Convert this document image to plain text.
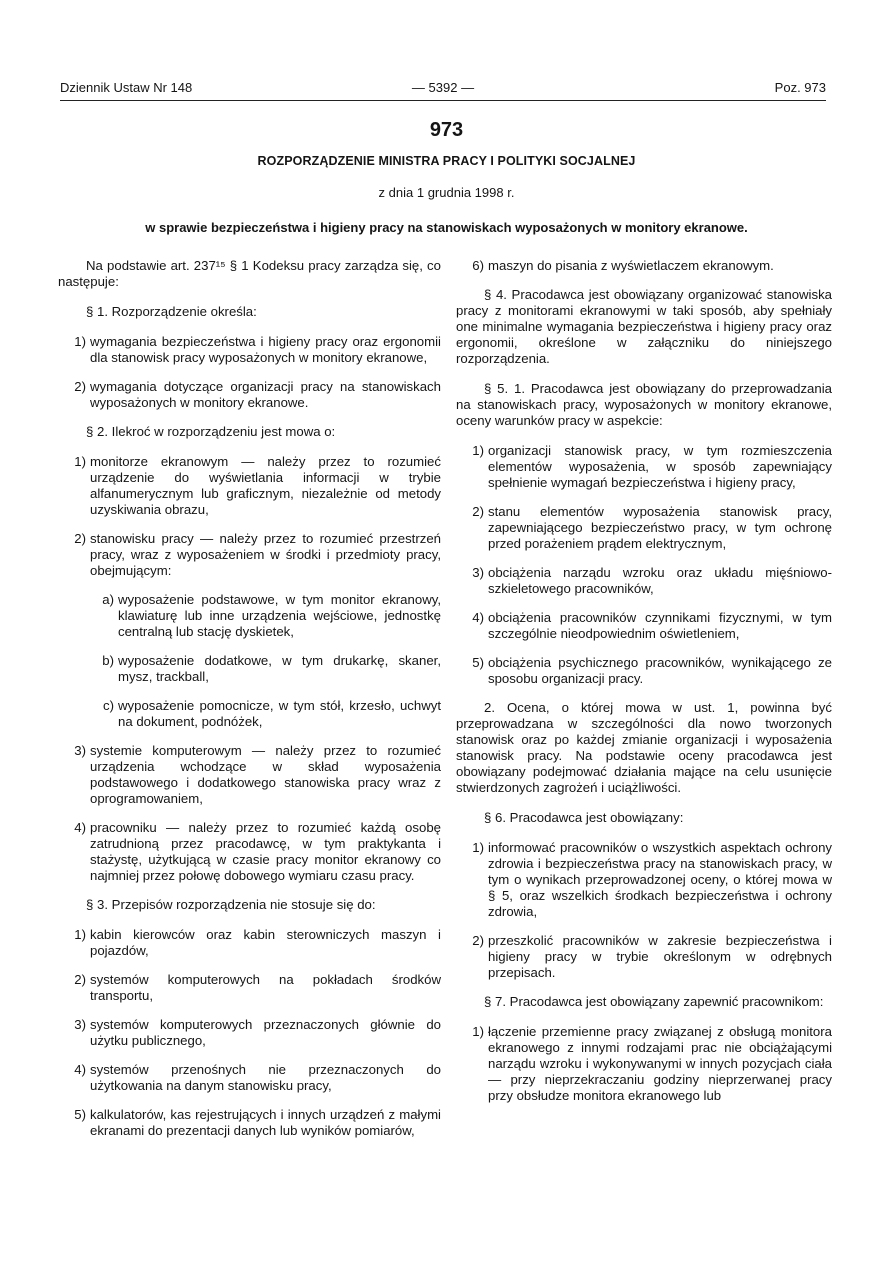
Dziennik Ustaw Nr 148	— 5392 —	Poz. 973
973
ROZPORZĄDZENIE MINISTRA PRACY I POLITYKI SOCJALNEJ
z dnia 1 grudnia 1998 r.
w sprawie bezpieczeństwa i higieny pracy na stanowiskach wyposażonych w monitory ekranowe.

Na podstawie art. 237¹⁵ § 1 Kodeksu pracy zarządza się, co następuje:

§ 1. Rozporządzenie określa:

1) wymagania bezpieczeństwa i higieny pracy oraz ergonomii dla stanowisk pracy wyposażonych w monitory ekranowe,
2) wymagania dotyczące organizacji pracy na stanowiskach wyposażonych w monitory ekranowe.

§ 2. Ilekroć w rozporządzeniu jest mowa o:

1) monitorze ekranowym — należy przez to rozumieć urządzenie do wyświetlania informacji w trybie alfanumerycznym lub graficznym, niezależnie od metody uzyskiwania obrazu,
2) stanowisku pracy — należy przez to rozumieć przestrzeń pracy, wraz z wyposażeniem w środki i przedmioty pracy, obejmującym:
a) wyposażenie podstawowe, w tym monitor ekranowy, klawiaturę lub inne urządzenia wejściowe, jednostkę centralną lub stację dyskietek,
b) wyposażenie dodatkowe, w tym drukarkę, skaner, mysz, trackball,
c) wyposażenie pomocnicze, w tym stół, krzesło, uchwyt na dokument, podnóżek,
3) systemie komputerowym — należy przez to rozumieć urządzenia wchodzące w skład wyposażenia podstawowego i dodatkowego stanowiska pracy wraz z oprogramowaniem,
4) pracowniku — należy przez to rozumieć każdą osobę zatrudnioną przez pracodawcę, w tym praktykanta i stażystę, użytkującą w czasie pracy monitor ekranowy co najmniej przez połowę dobowego wymiaru czasu pracy.

§ 3. Przepisów rozporządzenia nie stosuje się do:

1) kabin kierowców oraz kabin sterowniczych maszyn i pojazdów,
2) systemów komputerowych na pokładach środków transportu,
3) systemów komputerowych przeznaczonych głównie do użytku publicznego,
4) systemów przenośnych nie przeznaczonych do użytkowania na danym stanowisku pracy,
5) kalkulatorów, kas rejestrujących i innych urządzeń z małymi ekranami do prezentacji danych lub wyników pomiarów,
6) maszyn do pisania z wyświetlaczem ekranowym.

§ 4. Pracodawca jest obowiązany organizować stanowiska pracy z monitorami ekranowymi w taki sposób, aby spełniały one minimalne wymagania bezpieczeństwa i higieny pracy oraz ergonomii, określone w załączniku do niniejszego rozporządzenia.

§ 5. 1. Pracodawca jest obowiązany do przeprowadzania na stanowiskach pracy, wyposażonych w monitory ekranowe, oceny warunków pracy w aspekcie:

1) organizacji stanowisk pracy, w tym rozmieszczenia elementów wyposażenia, w sposób zapewniający spełnienie wymagań bezpieczeństwa i higieny pracy,
2) stanu elementów wyposażenia stanowisk pracy, zapewniającego bezpieczeństwo pracy, w tym ochronę przed porażeniem prądem elektrycznym,
3) obciążenia narządu wzroku oraz układu mięśniowo-szkieletowego pracowników,
4) obciążenia pracowników czynnikami fizycznymi, w tym szczególnie nieodpowiednim oświetleniem,
5) obciążenia psychicznego pracowników, wynikającego ze sposobu organizacji pracy.

2. Ocena, o której mowa w ust. 1, powinna być przeprowadzana w szczególności dla nowo tworzonych stanowisk oraz po każdej zmianie organizacji i wyposażenia stanowisk pracy. Na podstawie oceny pracodawca jest obowiązany podejmować działania mające na celu usunięcie stwierdzonych zagrożeń i uciążliwości.

§ 6. Pracodawca jest obowiązany:

1) informować pracowników o wszystkich aspektach ochrony zdrowia i bezpieczeństwa pracy na stanowiskach pracy, w tym o wynikach przeprowadzonej oceny, o której mowa w § 5, oraz wszelkich środkach bezpieczeństwa i ochrony zdrowia,
2) przeszkolić pracowników w zakresie bezpieczeństwa i higieny pracy w trybie określonym w odrębnych przepisach.

§ 7. Pracodawca jest obowiązany zapewnić pracownikom:

1) łączenie przemienne pracy związanej z obsługą monitora ekranowego z innymi rodzajami prac nie obciążającymi narządu wzroku i wykonywanymi w innych pozycjach ciała — przy nieprzekraczaniu godziny nieprzerwanej pracy przy obsłudze monitora ekranowego lub
